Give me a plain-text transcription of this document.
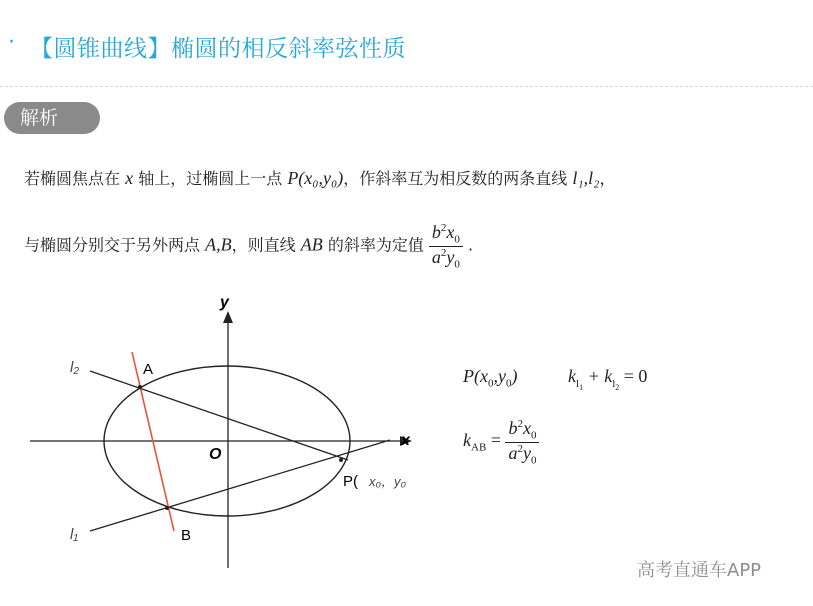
· 【圆锥曲线】椭圆的相反斜率弦性质
解析
若椭圆焦点在 x 轴上，过椭圆上一点 P(x₀,y₀)，作斜率互为相反数的两条直线 l₁,l₂，
与椭圆分别交于另外两点 A,B，则直线 AB 的斜率为定值 $\frac{b^2x_0}{a^2y_0}$ .
y
x
O
A
B
P( x₀，y₀
l₂
l₁
$P(x_0,y_0)$	$k_{l_1} + k_{l_2} = 0$
$k_{AB} = \frac{b^2x_0}{a^2y_0}$
高考直通车APP
